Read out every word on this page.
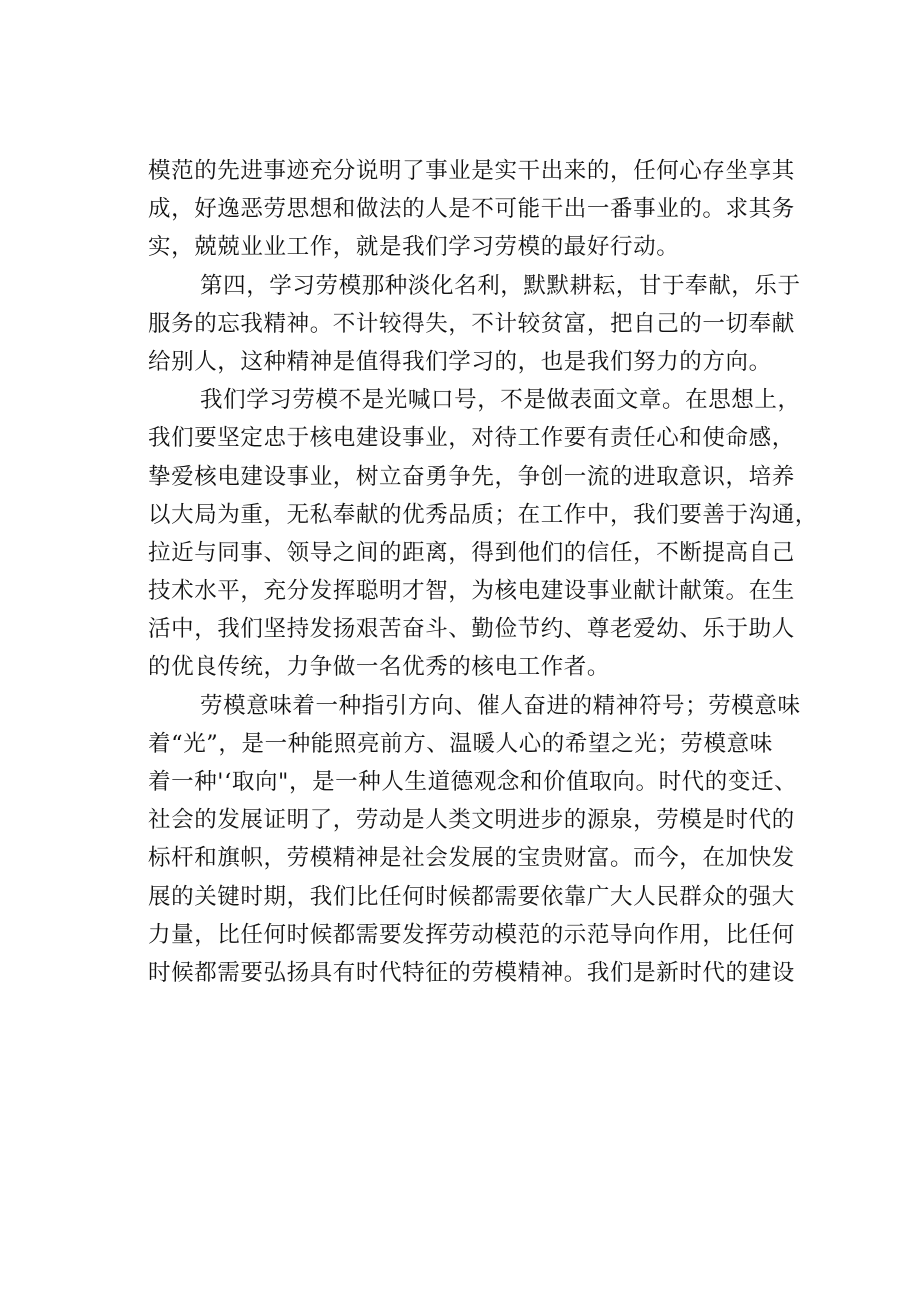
模范的先进事迹充分说明了事业是实干出来的，任何心存坐享其
成，好逸恶劳思想和做法的人是不可能干出一番事业的。求其务
实，兢兢业业工作，就是我们学习劳模的最好行动。
第四，学习劳模那种淡化名利，默默耕耘，甘于奉献，乐于
服务的忘我精神。不计较得失，不计较贫富，把自己的一切奉献
给别人，这种精神是值得我们学习的，也是我们努力的方向。
我们学习劳模不是光喊口号，不是做表面文章。在思想上，
我们要坚定忠于核电建设事业，对待工作要有责任心和使命感，
挚爱核电建设事业，树立奋勇争先，争创一流的进取意识，培养
以大局为重，无私奉献的优秀品质；在工作中，我们要善于沟通，
拉近与同事、领导之间的距离，得到他们的信任，不断提高自己
技术水平，充分发挥聪明才智，为核电建设事业献计献策。在生
活中，我们坚持发扬艰苦奋斗、勤俭节约、尊老爱幼、乐于助人
的优良传统，力争做一名优秀的核电工作者。
劳模意味着一种指引方向、催人奋进的精神符号；劳模意味
着“光”，是一种能照亮前方、温暖人心的希望之光；劳模意味
着一种'‘取向"，是一种人生道德观念和价值取向。时代的变迁、
社会的发展证明了，劳动是人类文明进步的源泉，劳模是时代的
标杆和旗帜，劳模精神是社会发展的宝贵财富。而今，在加快发
展的关键时期，我们比任何时候都需要依靠广大人民群众的强大
力量，比任何时候都需要发挥劳动模范的示范导向作用，比任何
时候都需要弘扬具有时代特征的劳模精神。我们是新时代的建设
